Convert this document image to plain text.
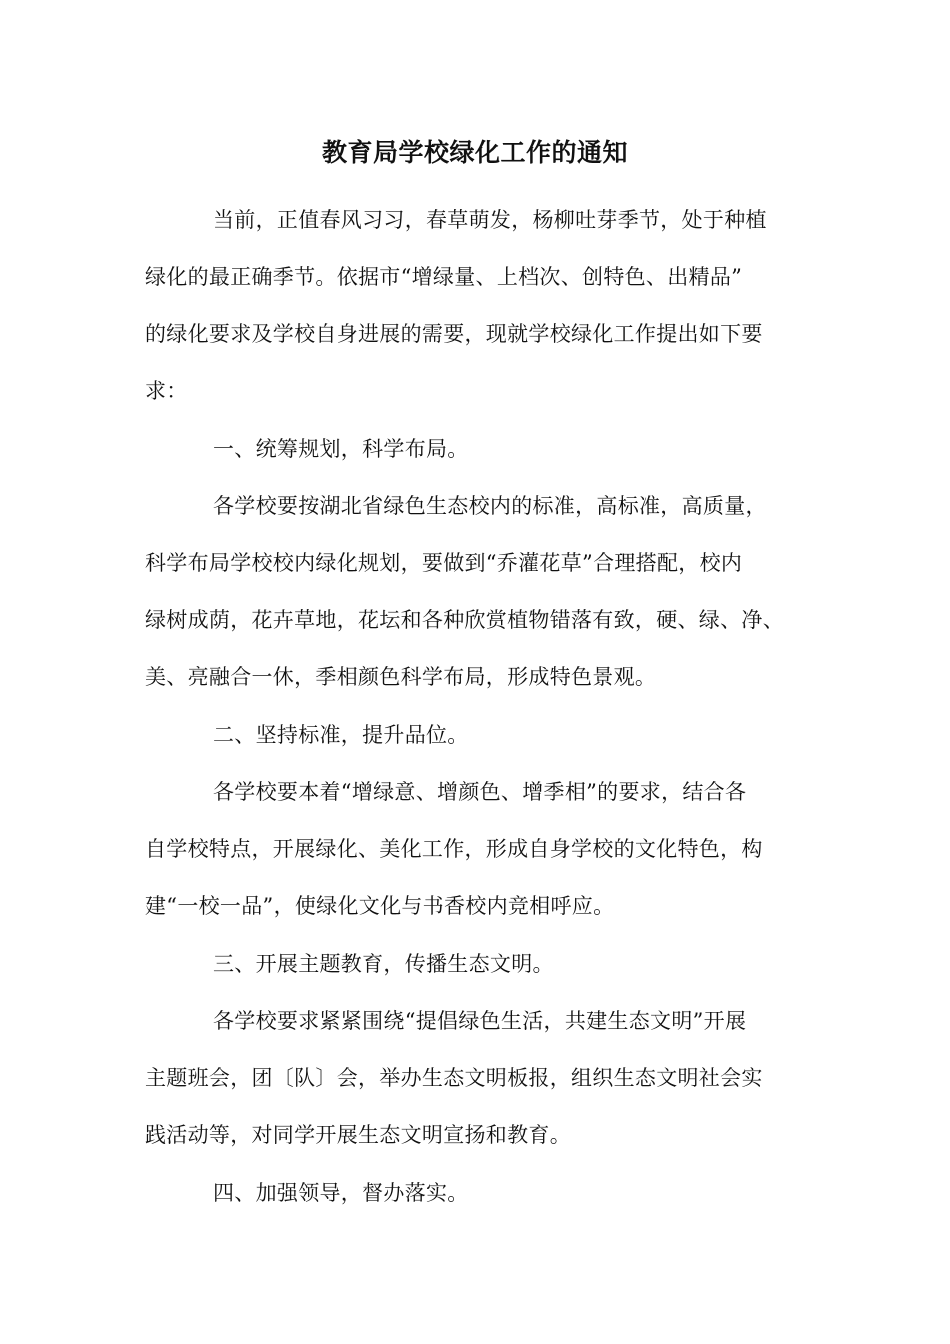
教育局学校绿化工作的通知
当前，正值春风习习，春草萌发，杨柳吐芽季节，处于种植
绿化的最正确季节。依据市“增绿量、上档次、创特色、出精品”
的绿化要求及学校自身进展的需要，现就学校绿化工作提出如下要
求：
一、统筹规划，科学布局。
各学校要按湖北省绿色生态校内的标准，高标准，高质量，
科学布局学校校内绿化规划，要做到“乔灌花草”合理搭配，校内
绿树成荫，花卉草地，花坛和各种欣赏植物错落有致，硬、绿、净、
美、亮融合一休，季相颜色科学布局，形成特色景观。
二、坚持标准，提升品位。
各学校要本着“增绿意、增颜色、增季相”的要求，结合各
自学校特点，开展绿化、美化工作，形成自身学校的文化特色，构
建“一校一品”，使绿化文化与书香校内竞相呼应。
三、开展主题教育，传播生态文明。
各学校要求紧紧围绕“提倡绿色生活，共建生态文明”开展
主题班会，团〔队〕会，举办生态文明板报，组织生态文明社会实
践活动等，对同学开展生态文明宣扬和教育。
四、加强领导，督办落实。
